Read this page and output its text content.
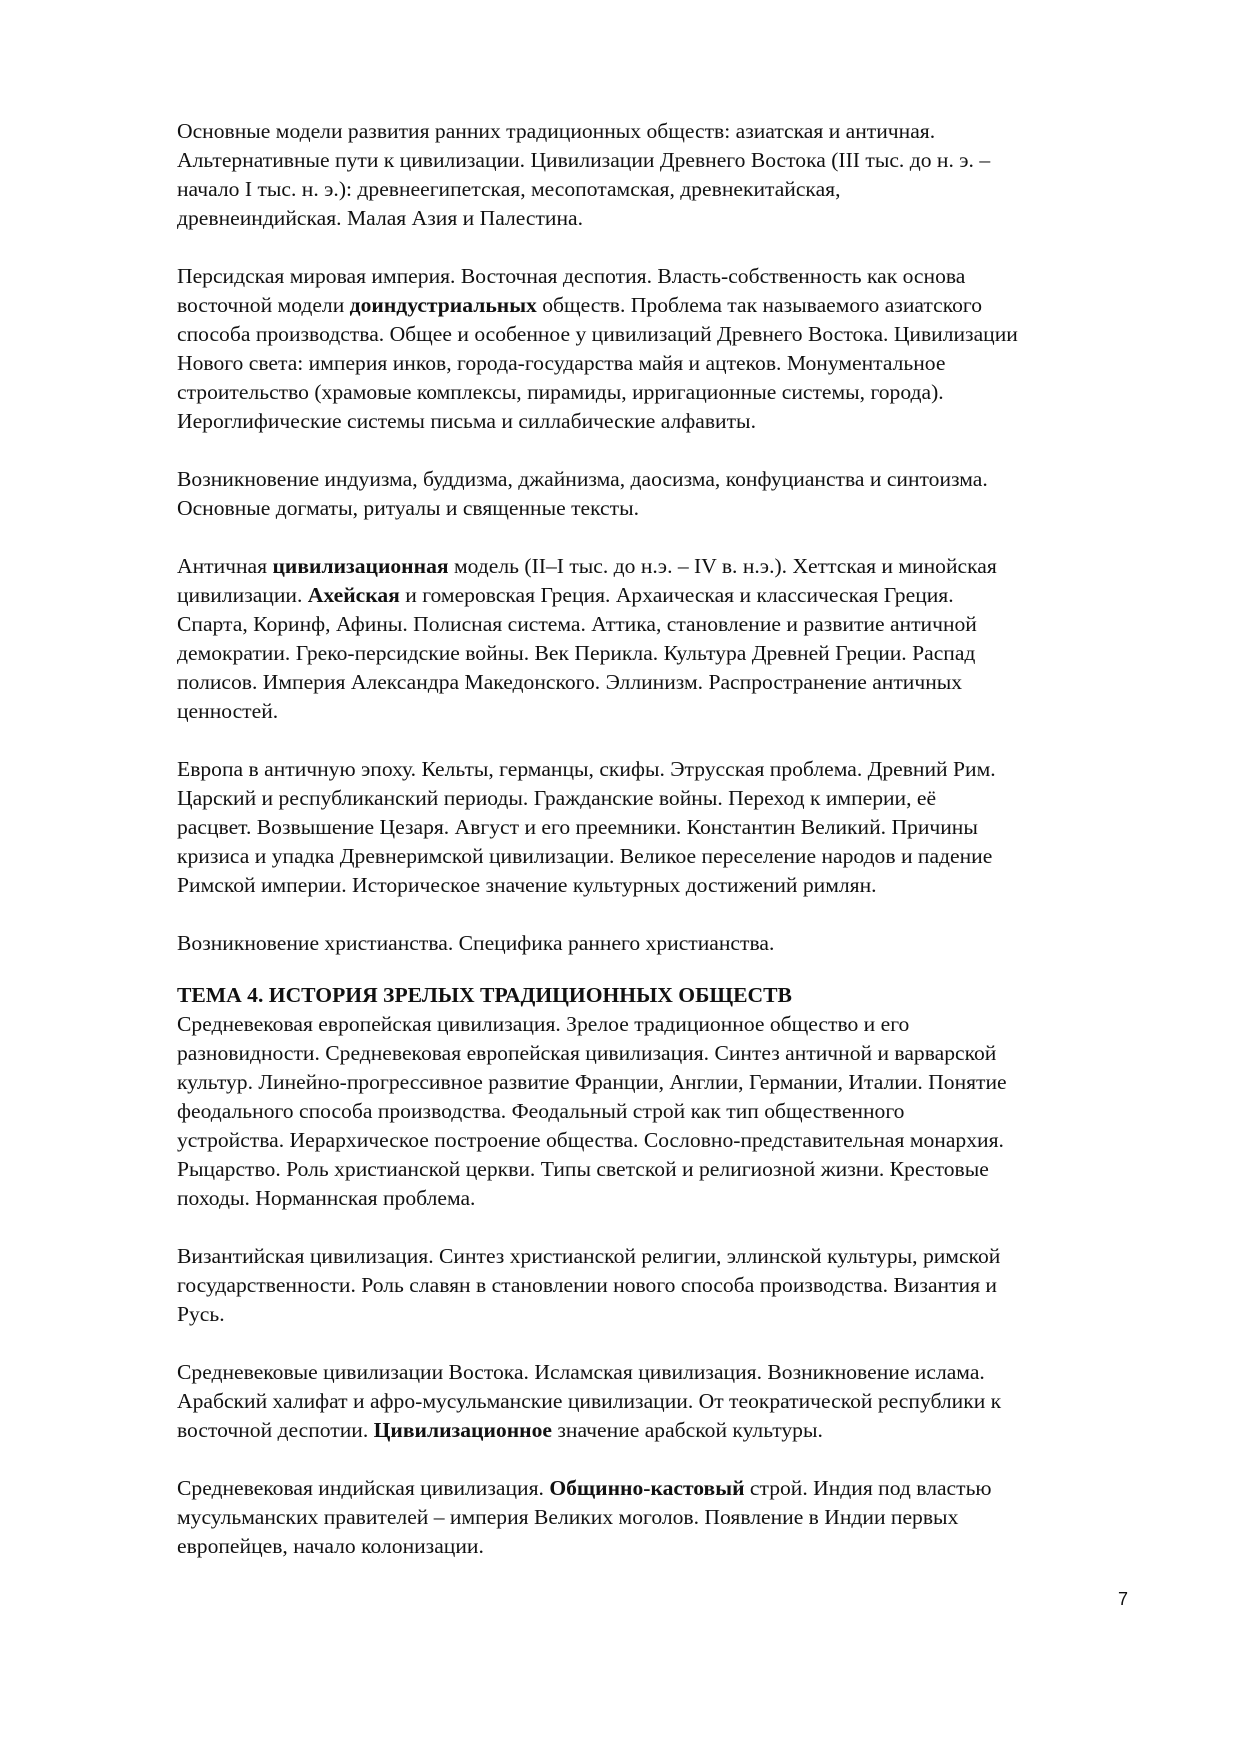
Основные модели развития ранних традиционных обществ: азиатская и античная.
Альтернативные пути к цивилизации. Цивилизации Древнего Востока (III тыс. до н. э. –
начало I тыс. н. э.): древнеегипетская, месопотамская, древнекитайская,
древнеиндийская. Малая Азия и Палестина.
Персидская мировая империя. Восточная деспотия. Власть-собственность как основа
восточной модели доиндустриальных обществ. Проблема так называемого азиатского
способа производства. Общее и особенное у цивилизаций Древнего Востока. Цивилизации
Нового света: империя инков, города-государства майя и ацтеков. Монументальное
строительство (храмовые комплексы, пирамиды, ирригационные системы, города).
Иероглифические системы письма и силлабические алфавиты.
Возникновение индуизма, буддизма, джайнизма, даосизма, конфуцианства и синтоизма.
Основные догматы, ритуалы и священные тексты.
Античная цивилизационная модель (II–I тыс. до н.э. – IV в. н.э.). Хеттская и минойская
цивилизации. Ахейская и гомеровская Греция. Архаическая и классическая Греция.
Спарта, Коринф, Афины. Полисная система. Аттика, становление и развитие античной
демократии. Греко-персидские войны. Век Перикла. Культура Древней Греции. Распад
полисов. Империя Александра Македонского. Эллинизм. Распространение античных
ценностей.
Европа в античную эпоху. Кельты, германцы, скифы. Этрусская проблема. Древний Рим.
Царский и республиканский периоды. Гражданские войны. Переход к империи, её
расцвет. Возвышение Цезаря. Август и его преемники. Константин Великий. Причины
кризиса и упадка Древнеримской цивилизации. Великое переселение народов и падение
Римской империи. Историческое значение культурных достижений римлян.
Возникновение христианства. Специфика раннего христианства.
ТЕМА 4. ИСТОРИЯ ЗРЕЛЫХ ТРАДИЦИОННЫХ ОБЩЕСТВ
Средневековая европейская цивилизация. Зрелое традиционное общество и его
разновидности. Средневековая европейская цивилизация. Синтез античной и варварской
культур. Линейно-прогрессивное развитие Франции, Англии, Германии, Италии. Понятие
феодального способа производства. Феодальный строй как тип общественного
устройства. Иерархическое построение общества. Сословно-представительная монархия.
Рыцарство. Роль христианской церкви. Типы светской и религиозной жизни. Крестовые
походы. Норманнская проблема.
Византийская цивилизация. Синтез христианской религии, эллинской культуры, римской
государственности. Роль славян в становлении нового способа производства. Византия и
Русь.
Средневековые цивилизации Востока. Исламская цивилизация. Возникновение ислама.
Арабский халифат и афро-мусульманские цивилизации. От теократической республики к
восточной деспотии. Цивилизационное значение арабской культуры.
Средневековая индийская цивилизация. Общинно-кастовый строй. Индия под властью
мусульманских правителей – империя Великих моголов. Появление в Индии первых
европейцев, начало колонизации.
7
